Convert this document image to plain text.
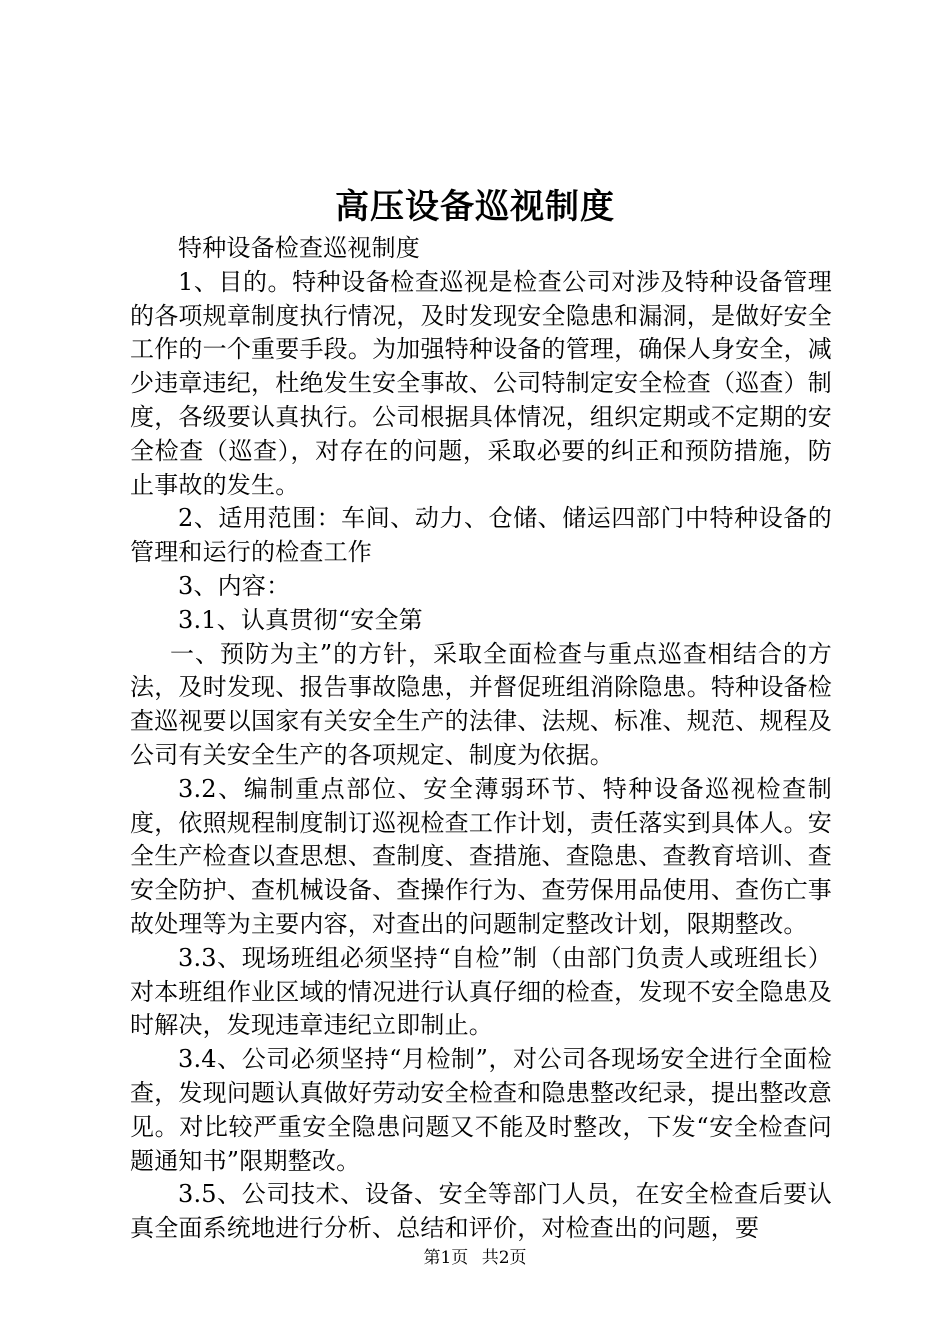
高压设备巡视制度

特种设备检查巡视制度

1、目的。特种设备检查巡视是检查公司对涉及特种设备管理的各项规章制度执行情况，及时发现安全隐患和漏洞，是做好安全工作的一个重要手段。为加强特种设备的管理，确保人身安全，减少违章违纪，杜绝发生安全事故、公司特制定安全检查（巡查）制度，各级要认真执行。公司根据具体情况，组织定期或不定期的安全检查（巡查），对存在的问题，采取必要的纠正和预防措施，防止事故的发生。

2、适用范围：车间、动力、仓储、储运四部门中特种设备的管理和运行的检查工作

3、内容：

3.1、认真贯彻“安全第

一、预防为主”的方针，采取全面检查与重点巡查相结合的方法，及时发现、报告事故隐患，并督促班组消除隐患。特种设备检查巡视要以国家有关安全生产的法律、法规、标准、规范、规程及公司有关安全生产的各项规定、制度为依据。

3.2、编制重点部位、安全薄弱环节、特种设备巡视检查制度，依照规程制度制订巡视检查工作计划，责任落实到具体人。安全生产检查以查思想、查制度、查措施、查隐患、查教育培训、查安全防护、查机械设备、查操作行为、查劳保用品使用、查伤亡事故处理等为主要内容，对查出的问题制定整改计划，限期整改。

3.3、现场班组必须坚持“自检”制（由部门负责人或班组长）对本班组作业区域的情况进行认真仔细的检查，发现不安全隐患及时解决，发现违章违纪立即制止。

3.4、公司必须坚持“月检制”，对公司各现场安全进行全面检查，发现问题认真做好劳动安全检查和隐患整改纪录，提出整改意见。对比较严重安全隐患问题又不能及时整改，下发“安全检查问题通知书”限期整改。

3.5、公司技术、设备、安全等部门人员，在安全检查后要认真全面系统地进行分析、总结和评价，对检查出的问题，要

第1页 共2页
